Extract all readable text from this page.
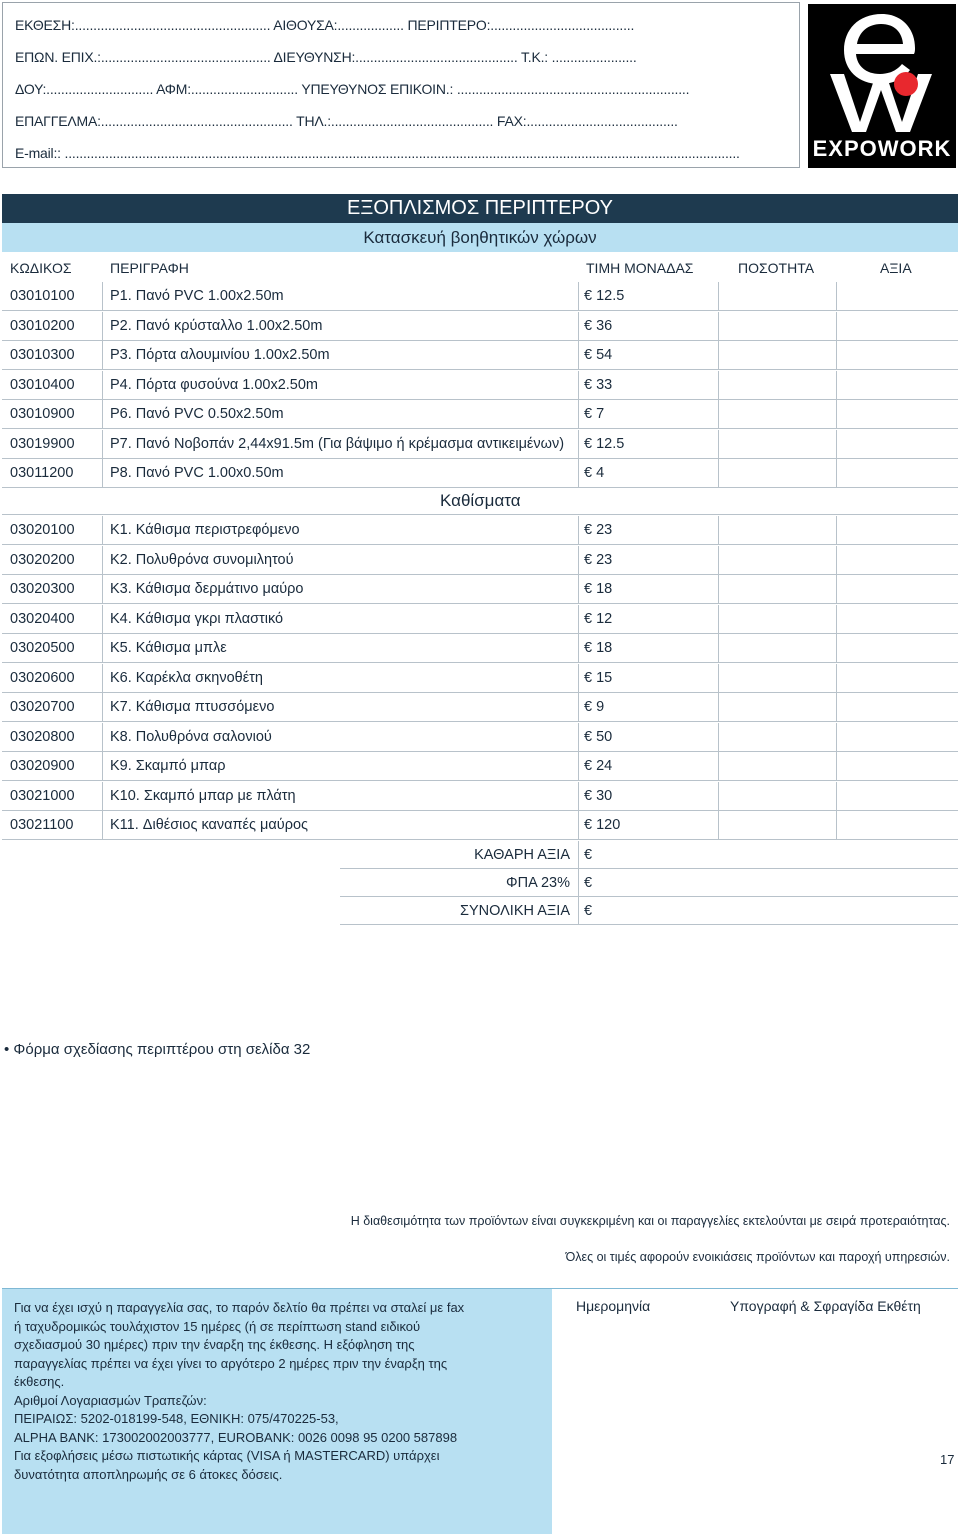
ΕΚΘΕΣΗ:..................................................... ΑΙΘΟΥΣΑ:.................. ΠΕΡΙΠΤΕΡΟ:.......................................
ΕΠΩΝ. ΕΠΙΧ.:.............................................. ΔΙΕΥΘΥΝΣΗ:............................................ Τ.Κ.: .......................
ΔΟΥ:............................. ΑΦΜ:............................. ΥΠΕΥΘΥΝΟΣ ΕΠΙΚΟΙΝ.: ...............................................................
ΕΠΑΓΓΕΛΜΑ:.................................................... ΤΗΛ.:............................................ FAX:.........................................
E-mail:: .......................................................................................................................................................................................	EXPOWORK
ΕΞΟΠΛΙΣΜΟΣ ΠΕΡΙΠΤΕΡΟΥ
Κατασκευή βοηθητικών χώρων
ΚΩΔΙΚΟΣ	ΠΕΡΙΓΡΑΦΗ	ΤΙΜΗ ΜΟΝΑΔΑΣ	ΠΟΣΟΤΗΤΑ	ΑΞΙΑ
03010100 P1. Πανό PVC 1.00x2.50m	€ 12.5
03010200 P2. Πανό κρύσταλλο 1.00x2.50m	€ 36
03010300 P3. Πόρτα αλουμινίου 1.00x2.50m	€ 54
03010400 P4. Πόρτα φυσούνα 1.00x2.50m	€ 33
03010900 P6. Πανό PVC 0.50x2.50m	€ 7
03019900 P7. Πανό Νοβοπάν 2,44x91.5m (Για βάψιμο ή κρέμασμα αντικειμένων) € 12.5
03011200	P8. Πανό PVC 1.00x0.50m	€ 4
Καθίσματα
03020100 K1. Κάθισμα περιστρεφόμενο	€ 23
03020200 K2. Πολυθρόνα συνομιλητού	€ 23
03020300 K3. Κάθισμα δερμάτινο μαύρο	€ 18
03020400 K4. Κάθισμα γκρι πλαστικό	€ 12
03020500 K5. Κάθισμα μπλε	€ 18
03020600 K6. Καρέκλα σκηνοθέτη	€ 15
03020700 K7. Κάθισμα πτυσσόμενο	€ 9
03020800 K8. Πολυθρόνα σαλονιού	€ 50
03020900 K9. Σκαμπό μπαρ	€ 24
03021000 K10. Σκαμπό μπαρ με πλάτη	€ 30
03021100	K11. Διθέσιος καναπές μαύρος	€ 120
ΚΑΘΑΡΗ ΑΞΙΑ €
ΦΠΑ 23% €
ΣΥΝΟΛΙΚΗ ΑΞΙΑ €
• Φόρμα σχεδίασης περιπτέρου στη σελίδα 32
Η διαθεσιμότητα των προϊόντων είναι συγκεκριμένη και οι παραγγελίες εκτελούνται με σειρά προτεραιότητας.
Όλες οι τιμές αφορούν ενοικιάσεις προϊόντων και παροχή υπηρεσιών.

Για να έχει ισχύ η παραγγελία σας, το παρόν δελτίο θα πρέπει να σταλεί με fax

ή ταχυδρομικώς τουλάχιστον 15 ημέρες (ή σε περίπτωση stand ειδικού

σχεδιασμού 30 ημέρες) πριν την έναρξη της έκθεσης. Η εξόφληση της

παραγγελίας πρέπει να έχει γίνει το αργότερο 2 ημέρες πριν την έναρξη της

έκθεσης.

Αριθμοί Λογαριασμών Τραπεζών:

ΠΕΙΡΑΙΩΣ: 5202-018199-548, ΕΘΝΙΚΗ: 075/470225-53,

ALPHA BANK: 173002002003777, EUROBANK: 0026 0098 95 0200 587898

Για εξοφλήσεις μέσω πιστωτικής κάρτας (VISA ή MASTERCARD) υπάρχει

δυνατότητα αποπληρωμής σε 6 άτοκες δόσεις.

Ημερομηνία	Υπογραφή & Σφραγίδα Εκθέτη
17
